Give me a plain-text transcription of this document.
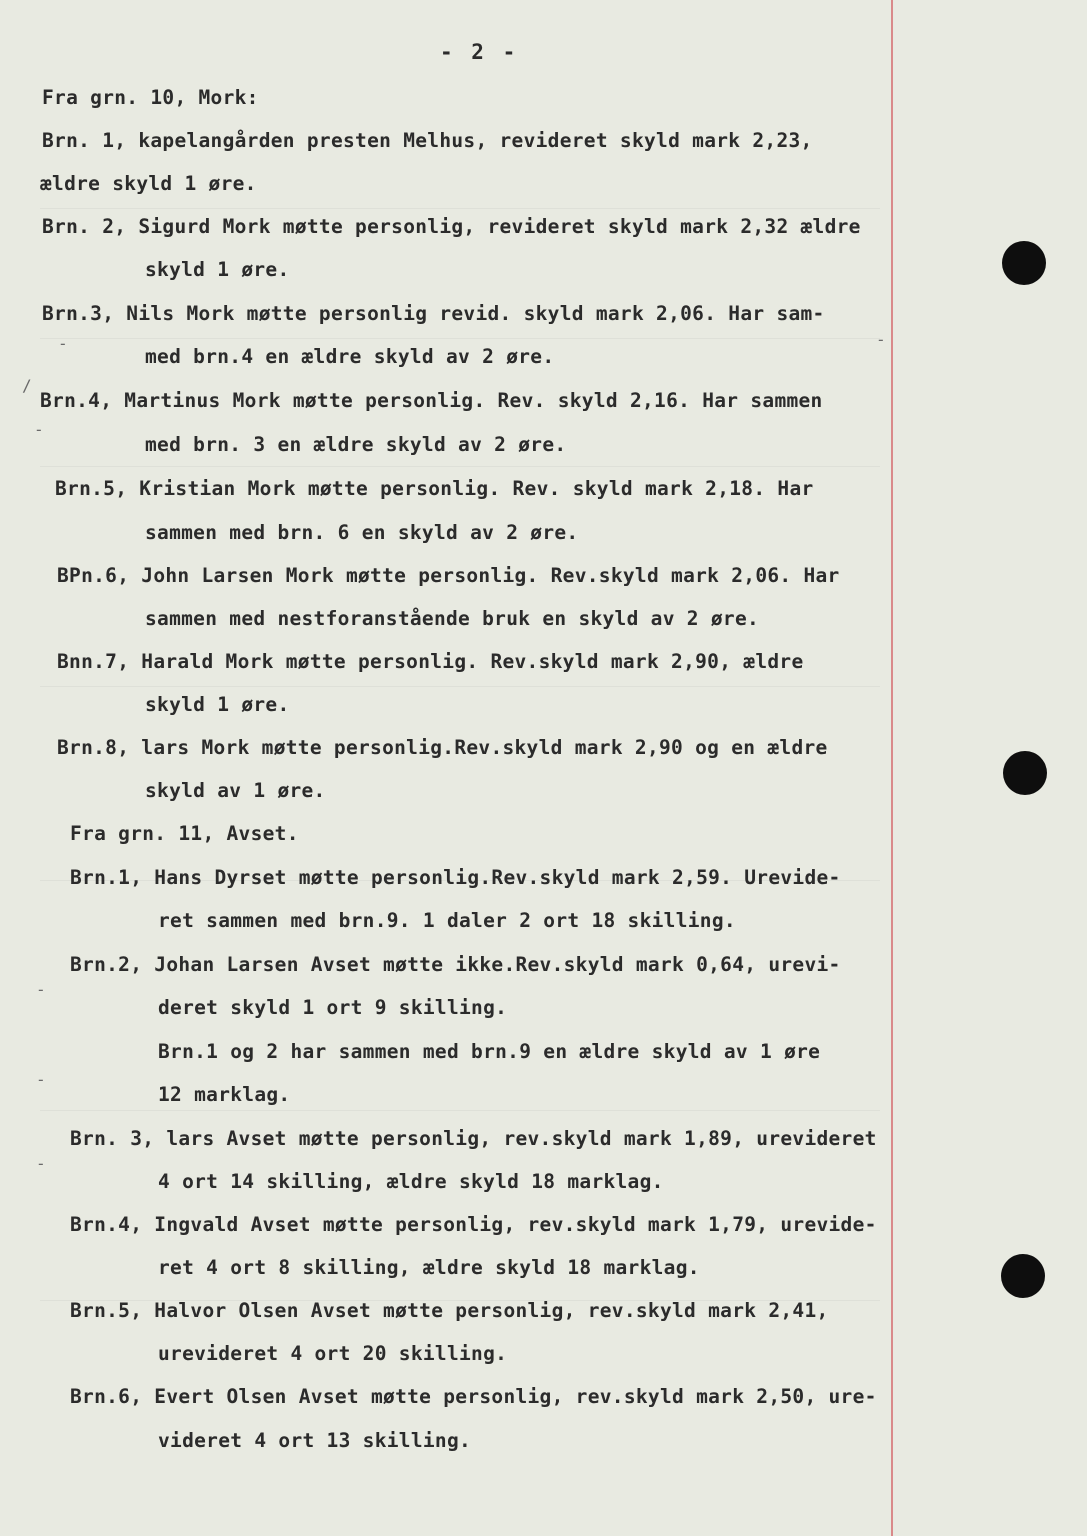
/
-
-
-
-
-
-
- 2 -
Fra grn. 10, Mork:
Brn. 1, kapelangården presten Melhus, revideret skyld mark 2,23,
ældre skyld 1 øre.
Brn. 2, Sigurd Mork møtte personlig, revideret skyld mark 2,32 ældre
skyld 1 øre.
Brn.3, Nils Mork møtte personlig revid. skyld mark 2,06. Har sam-
med brn.4 en ældre skyld av 2 øre.
Brn.4, Martinus Mork møtte personlig. Rev. skyld 2,16. Har sammen
med brn. 3 en ældre skyld av 2 øre.
Brn.5, Kristian Mork møtte personlig. Rev. skyld mark 2,18. Har
sammen med brn. 6 en skyld av 2 øre.
BPn.6, John Larsen Mork møtte personlig. Rev.skyld mark 2,06. Har
sammen med nestforanstående bruk en skyld av 2 øre.
Bnn.7, Harald Mork møtte personlig. Rev.skyld mark 2,90, ældre
skyld 1 øre.
Brn.8, lars Mork møtte personlig.Rev.skyld mark 2,90 og en ældre
skyld av 1 øre.
Fra grn. 11, Avset.
Brn.1, Hans Dyrset møtte personlig.Rev.skyld mark 2,59. Urevide-
ret sammen med brn.9. 1 daler 2 ort 18 skilling.
Brn.2, Johan Larsen Avset møtte ikke.Rev.skyld mark 0,64, urevi-
deret skyld 1 ort 9 skilling.
Brn.1 og 2 har sammen med brn.9 en ældre skyld av 1 øre
12 marklag.
Brn. 3, lars Avset møtte personlig, rev.skyld mark 1,89, urevideret
4 ort 14 skilling, ældre skyld 18 marklag.
Brn.4, Ingvald Avset møtte personlig, rev.skyld mark 1,79, urevide-
ret 4 ort 8 skilling, ældre skyld 18 marklag.
Brn.5, Halvor Olsen Avset møtte personlig, rev.skyld mark 2,41,
urevideret 4 ort 20 skilling.
Brn.6, Evert Olsen Avset møtte personlig, rev.skyld mark 2,50, ure-
videret 4 ort 13 skilling.
